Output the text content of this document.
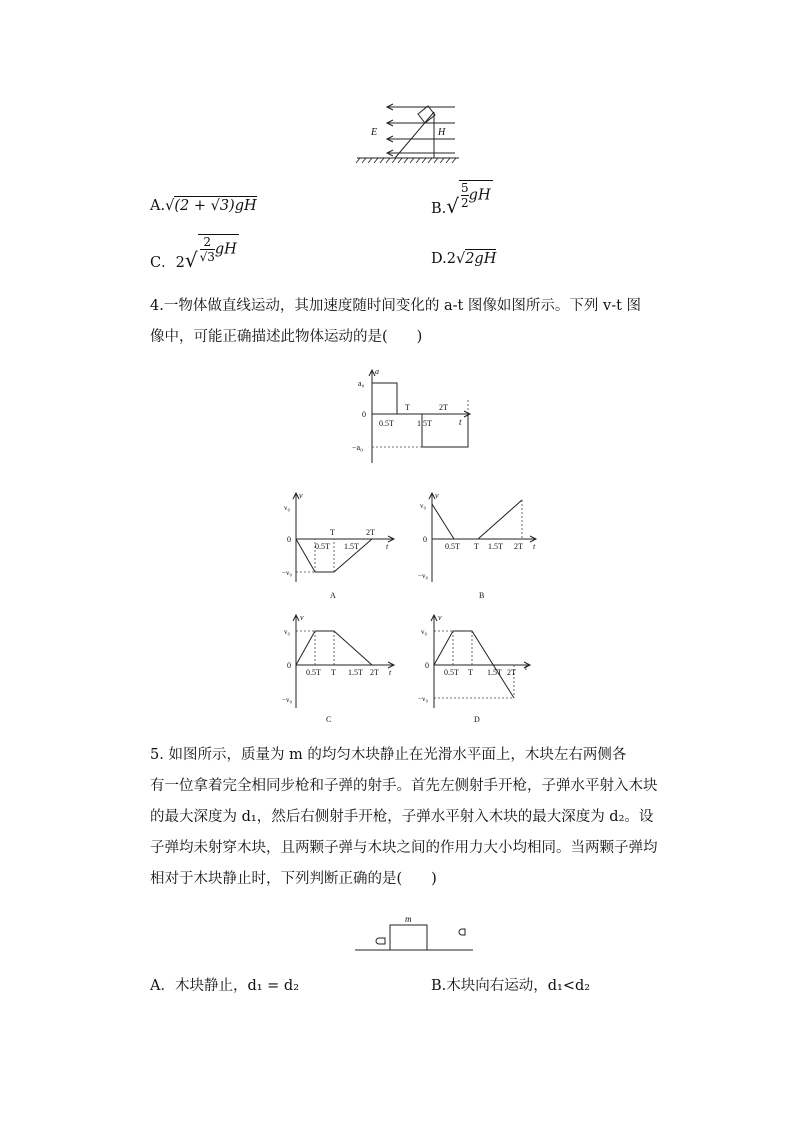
E	H
A.√(2 + √3)gH	$B.√ \frac{5}{2}$ gH
C．$2√ \frac{2}{√3}$ gH
D.2√2gH
4.一物体做直线运动，其加速度随时间变化的 a-t 图像如图所示。下列 v-t 图
像中，可能正确描述此物体运动的是(　　)
a
t
a₀
0
−a₀
0.5T
T
1.5T
2T
v
t
v₀
0
−v₀
0.5T
T
1.5T
2T
A
v
t
v₀
0
−v₀
0.5T T 1.5T 2T
B
v
t
v₀
0
−v₀
0.5T T 1.5T 2T
C
v
t
v₀
0
−v₀
0.5T T 1.5T 2T
D
5. 如图所示，质量为 m 的均匀木块静止在光滑水平面上，木块左右两侧各
有一位拿着完全相同步枪和子弹的射手。首先左侧射手开枪，子弹水平射入木块
的最大深度为 d₁，然后右侧射手开枪，子弹水平射入木块的最大深度为 d₂。设
子弹均未射穿木块，且两颗子弹与木块之间的作用力大小均相同。当两颗子弹均
相对于木块静止时，下列判断正确的是(　　)
m
A．木块静止，d₁ = d₂	B.木块向右运动，d₁<d₂
